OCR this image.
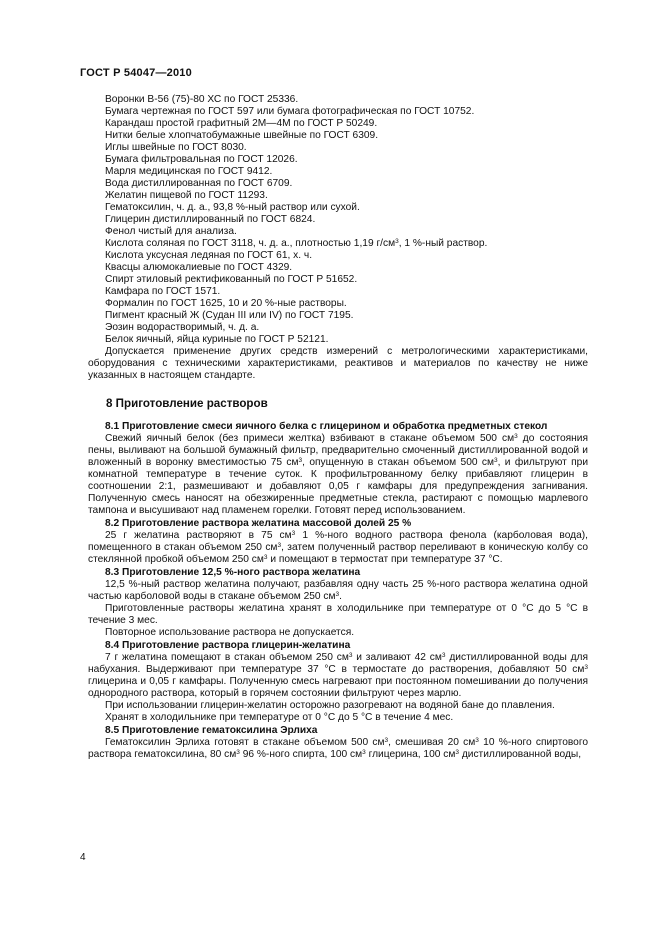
ГОСТ Р 54047—2010
Воронки В-56 (75)-80 ХС по ГОСТ 25336.
Бумага чертежная по ГОСТ 597 или бумага фотографическая по ГОСТ 10752.
Карандаш простой графитный 2М—4М по ГОСТ Р 50249.
Нитки белые хлопчатобумажные швейные по ГОСТ 6309.
Иглы швейные по ГОСТ 8030.
Бумага фильтровальная по ГОСТ 12026.
Марля медицинская по ГОСТ 9412.
Вода дистиллированная по ГОСТ 6709.
Желатин пищевой по ГОСТ 11293.
Гематоксилин, ч. д. а., 93,8 %-ный раствор или сухой.
Глицерин дистиллированный по ГОСТ 6824.
Фенол чистый для анализа.
Кислота соляная по ГОСТ 3118, ч. д. а., плотностью 1,19 $г/см^3$, 1 %-ный раствор.
Кислота уксусная ледяная по ГОСТ 61, х. ч.
Квасцы алюмокалиевые по ГОСТ 4329.
Спирт этиловый ректификованный по ГОСТ Р 51652.
Камфара по ГОСТ 1571.
Формалин по ГОСТ 1625, 10 и 20 %-ные растворы.
Пигмент красный Ж (Судан III или IV) по ГОСТ 7195.
Эозин водорастворимый, ч. д. а.
Белок яичный, яйца куриные по ГОСТ Р 52121.
Допускается применение других средств измерений с метрологическими характеристиками, оборудования с техническими характеристиками, реактивов и материалов по качеству не ниже указанных в настоящем стандарте.
8 Приготовление растворов
8.1 Приготовление смеси яичного белка с глицерином и обработка предметных стекол
Свежий яичный белок (без примеси желтка) взбивают в стакане объемом 500 $см^3$ до состояния пены, выливают на большой бумажный фильтр, предварительно смоченный дистиллированной водой и вложенный в воронку вместимостью 75 $см^3$, опущенную в стакан объемом 500 $см^3$, и фильтруют при комнатной температуре в течение суток. К профильтрованному белку прибавляют глицерин в соотношении 2:1, размешивают и добавляют 0,05 г камфары для предупреждения загнивания. Полученную смесь наносят на обезжиренные предметные стекла, растирают с помощью марлевого тампона и высушивают над пламенем горелки. Готовят перед использованием.
8.2 Приготовление раствора желатина массовой долей 25 %
25 г желатина растворяют в 75 $см^3$ 1 %-ного водного раствора фенола (карболовая вода), помещенного в стакан объемом 250 $см^3$, затем полученный раствор переливают в коническую колбу со стеклянной пробкой объемом 250 $см^3$ и помещают в термостат при температуре 37 °C.
8.3 Приготовление 12,5 %-ного раствора желатина
12,5 %-ный раствор желатина получают, разбавляя одну часть 25 %-ного раствора желатина одной частью карболовой воды в стакане объемом 250 $см^3$.
Приготовленные растворы желатина хранят в холодильнике при температуре от 0 °C до 5 °C в течение 3 мес.
Повторное использование раствора не допускается.
8.4 Приготовление раствора глицерин-желатина
7 г желатина помещают в стакан объемом 250 $см^3$ и заливают 42 $см^3$ дистиллированной воды для набухания. Выдерживают при температуре 37 °C в термостате до растворения, добавляют 50 $см^3$ глицерина и 0,05 г камфары. Полученную смесь нагревают при постоянном помешивании до получения однородного раствора, который в горячем состоянии фильтруют через марлю.
При использовании глицерин-желатин осторожно разогревают на водяной бане до плавления.
Хранят в холодильнике при температуре от 0 °C до 5 °C в течение 4 мес.
8.5 Приготовление гематоксилина Эрлиха
Гематоксилин Эрлиха готовят в стакане объемом 500 $см^3$, смешивая 20 $см^3$ 10 %-ного спиртового раствора гематоксилина, 80 $см^3$ 96 %-ного спирта, 100 $см^3$ глицерина, 100 $см^3$ дистиллированной воды,
4
